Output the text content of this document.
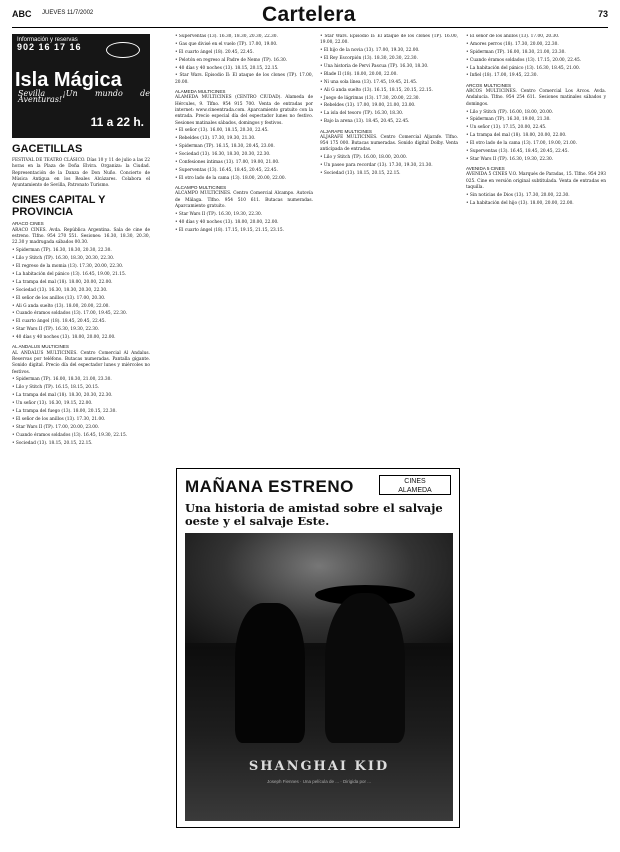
ABC JUEVES 11/7/2002	Cartelera	73
Información y reservas
902 16 17 16
Isla Mágica
Sevilla ¡Un mundo de Aventuras!
11 a 22 h.
GACETILLAS

FESTIVAL DE TEATRO CLÁSICO. Días 10 y 11 de julio a las 22 horas en la Plaza de Doña Elvira. Organiza: la Ciudad. Representación de la Danza de Don Nuño. Concierto de Música Antigua en los Reales Alcázares. Colabora el Ayuntamiento de Sevilla, Patronato Turismo.

CINES CAPITAL Y PROVINCIA
ARACO CINES

ARACO CINES. Avda. República Argentina. Sala de cine de estreno. Tlfno. 954 270 551. Sesiones: 16.30, 18.30, 20.30, 22.30 y madrugada sábados 00.30.

• Spiderman (TP). 16.30, 18.30, 20.30, 22.30.

• Lilo y Stitch (TP). 16.30, 18.30, 20.30, 22.30.

• El regreso de la momia (13). 17.30, 20.00, 22.30.

• La habitación del pánico (13). 16.45, 19.00, 21.15.

• La trampa del mal (18). 18.00, 20.00, 22.00.

• Sociedad (13). 16.30, 18.30, 20.30, 22.30.

• El señor de los anillos (13). 17.00, 20.30.

• Ali G anda suelto (13). 18.00, 20.00, 22.00.

• Cuando éramos soldados (13). 17.00, 19.45, 22.30.

• El cuarto ángel (18). 18.45, 20.45, 22.45.

• Star Wars II (TP). 16.30, 19.30, 22.30.

• 40 días y 40 noches (13). 18.00, 20.00, 22.00.

AL ANDALUS MULTICINES

AL ANDALUS MULTICINES. Centro Comercial Al Andalus. Reservas por teléfono. Butacas numeradas. Pantalla gigante. Sonido digital. Precio día del espectador lunes y miércoles no festivos.

• Spiderman (TP). 16.00, 18.30, 21.00, 23.30.

• Lilo y Stitch (TP). 16.15, 18.15, 20.15.

• La trampa del mal (18). 18.30, 20.30, 22.30.

• Un señor (13). 16.30, 19.15, 22.00.

• La trampa del fuego (13). 18.00, 20.15, 22.30.

• El señor de los anillos (13). 17.30, 21.00.

• Star Wars II (TP). 17.00, 20.00, 23.00.

• Cuando éramos soldados (13). 16.45, 19.30, 22.15.

• Sociedad (13). 18.15, 20.15, 22.15.

• Superventas (13). 16.30, 18.30, 20.30, 22.30.

• Gas que divisé en el vuelo (TP). 17.00, 19.00.

• El cuarto ángel (18). 20.45, 22.45.

• Pelotón en regreso al Padre de Nemo (TP). 16.30.

• 40 días y 40 noches (13). 18.15, 20.15, 22.15.

• Star Wars. Episodio II: El ataque de los clones (TP). 17.00, 20.00.

ALAMEDA MULTICINES

ALAMEDA MULTICINES (CENTRO CIUDAD). Alameda de Hércules, 9. Tlfno. 954 915 700. Venta de entradas por internet: www.cineentrada.com. Aparcamiento gratuito con la entrada. Precio especial día del espectador lunes no festivo. Sesiones matinales sábados, domingos y festivos.

• El señor (13). 16.00, 18.15, 20.30, 22.45.

• Rebeldes (13). 17.30, 19.30, 21.30.

• Spiderman (TP). 16.15, 18.30, 20.45, 23.00.

• Sociedad (13). 16.30, 18.30, 20.30, 22.30.

• Confesiones íntimas (13). 17.00, 19.00, 21.00.

• Superventas (13). 16.45, 18.45, 20.45, 22.45.

• El otro lado de la cama (13). 18.00, 20.00, 22.00.

ALCAMPO MULTICINES

ALCAMPO MULTICINES. Centro Comercial Alcampo. Autovía de Málaga. Tlfno. 954 510 611. Butacas numeradas. Aparcamiento gratuito.

• Star Wars II (TP). 16.30, 19.30, 22.30.

• 40 días y 40 noches (13). 18.00, 20.00, 22.00.

• El cuarto ángel (18). 17.15, 19.15, 21.15, 23.15.

• Star Wars. Episodio II: El ataque de los clones (TP). 16.00, 19.00, 22.00.

• El hijo de la novia (13). 17.00, 19.30, 22.00.

• El Rey Escorpión (13). 18.30, 20.30, 22.30.

• Una historia de Pervi Pascua (TP). 16.30, 18.30.

• Blade II (18). 18.00, 20.00, 22.00.

• Ni una sola línea (13). 17.45, 19.45, 21.45.

• Ali G anda suelto (13). 16.15, 18.15, 20.15, 22.15.

• Juego de lágrimas (13). 17.30, 20.00, 22.30.

• Rebeldes (13). 17.00, 19.00, 21.00, 23.00.

• La isla del tesoro (TP). 16.30, 18.30.

• Bajo la arena (13). 18.45, 20.45, 22.45.

ALJARAFE MULTICINES

ALJARAFE MULTICINES. Centro Comercial Aljarafe. Tlfno. 954 175 000. Butacas numeradas. Sonido digital Dolby. Venta anticipada de entradas.

• Lilo y Stitch (TP). 16.00, 18.00, 20.00.

• Un paseo para recordar (13). 17.30, 19.30, 21.30.

• Sociedad (13). 18.15, 20.15, 22.15.

• El señor de los anillos (13). 17.00, 20.30.

• Amores perros (18). 17.30, 20.00, 22.30.

• Spiderman (TP). 16.00, 18.30, 21.00, 23.30.

• Cuando éramos soldados (13). 17.15, 20.00, 22.45.

• La habitación del pánico (13). 16.30, 18.45, 21.00.

• Infiel (18). 17.00, 19.45, 22.30.

ARCOS MULTICINES

ARCOS MULTICINES. Centro Comercial Los Arcos. Avda. Andalucía. Tlfno. 954 254 611. Sesiones matinales sábados y domingos.

• Lilo y Stitch (TP). 16.00, 18.00, 20.00.

• Spiderman (TP). 16.30, 19.00, 21.30.

• Un señor (13). 17.15, 20.00, 22.45.

• La trampa del mal (18). 18.00, 20.00, 22.00.

• El otro lado de la cama (13). 17.00, 19.00, 21.00.

• Superventas (13). 16.45, 18.45, 20.45, 22.45.

• Star Wars II (TP). 16.30, 19.30, 22.30.

AVENIDA 5 CINES

AVENIDA 5 CINES V.O. Marqués de Paradas, 15. Tlfno. 954 293 025. Cine en versión original subtitulada. Venta de entradas en taquilla.

• Sin noticias de Dios (13). 17.30, 20.00, 22.30.

• La habitación del hijo (13). 18.00, 20.00, 22.00.

MAÑANA ESTRENO	CINES
ALAMEDA
Una historia de amistad sobre el salvaje oeste y el salvaje Este.
SHANGHAI KID
Joseph Fiennes · Una película de ... · Dirigida por ...
